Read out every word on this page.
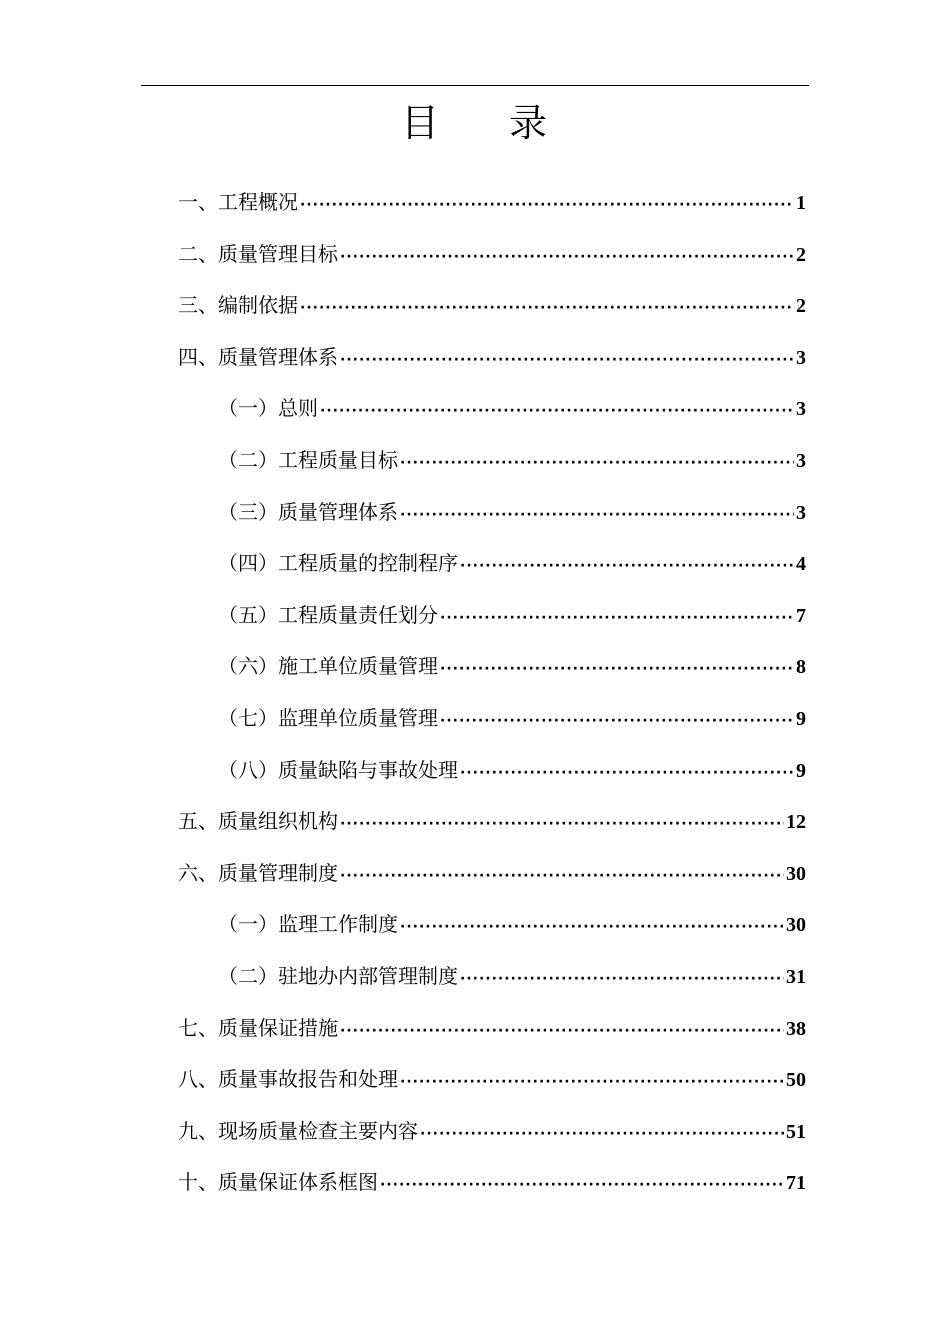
目 录
一、工程概况 ·····	1
二、质量管理目标 ·····	2
三、编制依据 ·····	2
四、质量管理体系 ·····	3
（一）总则 ·····	3
（二）工程质量目标 ·····	3
（三）质量管理体系 ·····	3
（四）工程质量的控制程序 ·····	4
（五）工程质量责任划分 ·····	7
（六）施工单位质量管理 ·····	8
（七）监理单位质量管理 ·····	9
（八）质量缺陷与事故处理 ·····	9
五、质量组织机构 ·····	12
六、质量管理制度 ·····	30
（一）监理工作制度 ·····	30
（二）驻地办内部管理制度 ·····	31
七、质量保证措施 ·····	38
八、质量事故报告和处理 ·····	50
九、现场质量检查主要内容 ·····	51
十、质量保证体系框图 ·····	71
